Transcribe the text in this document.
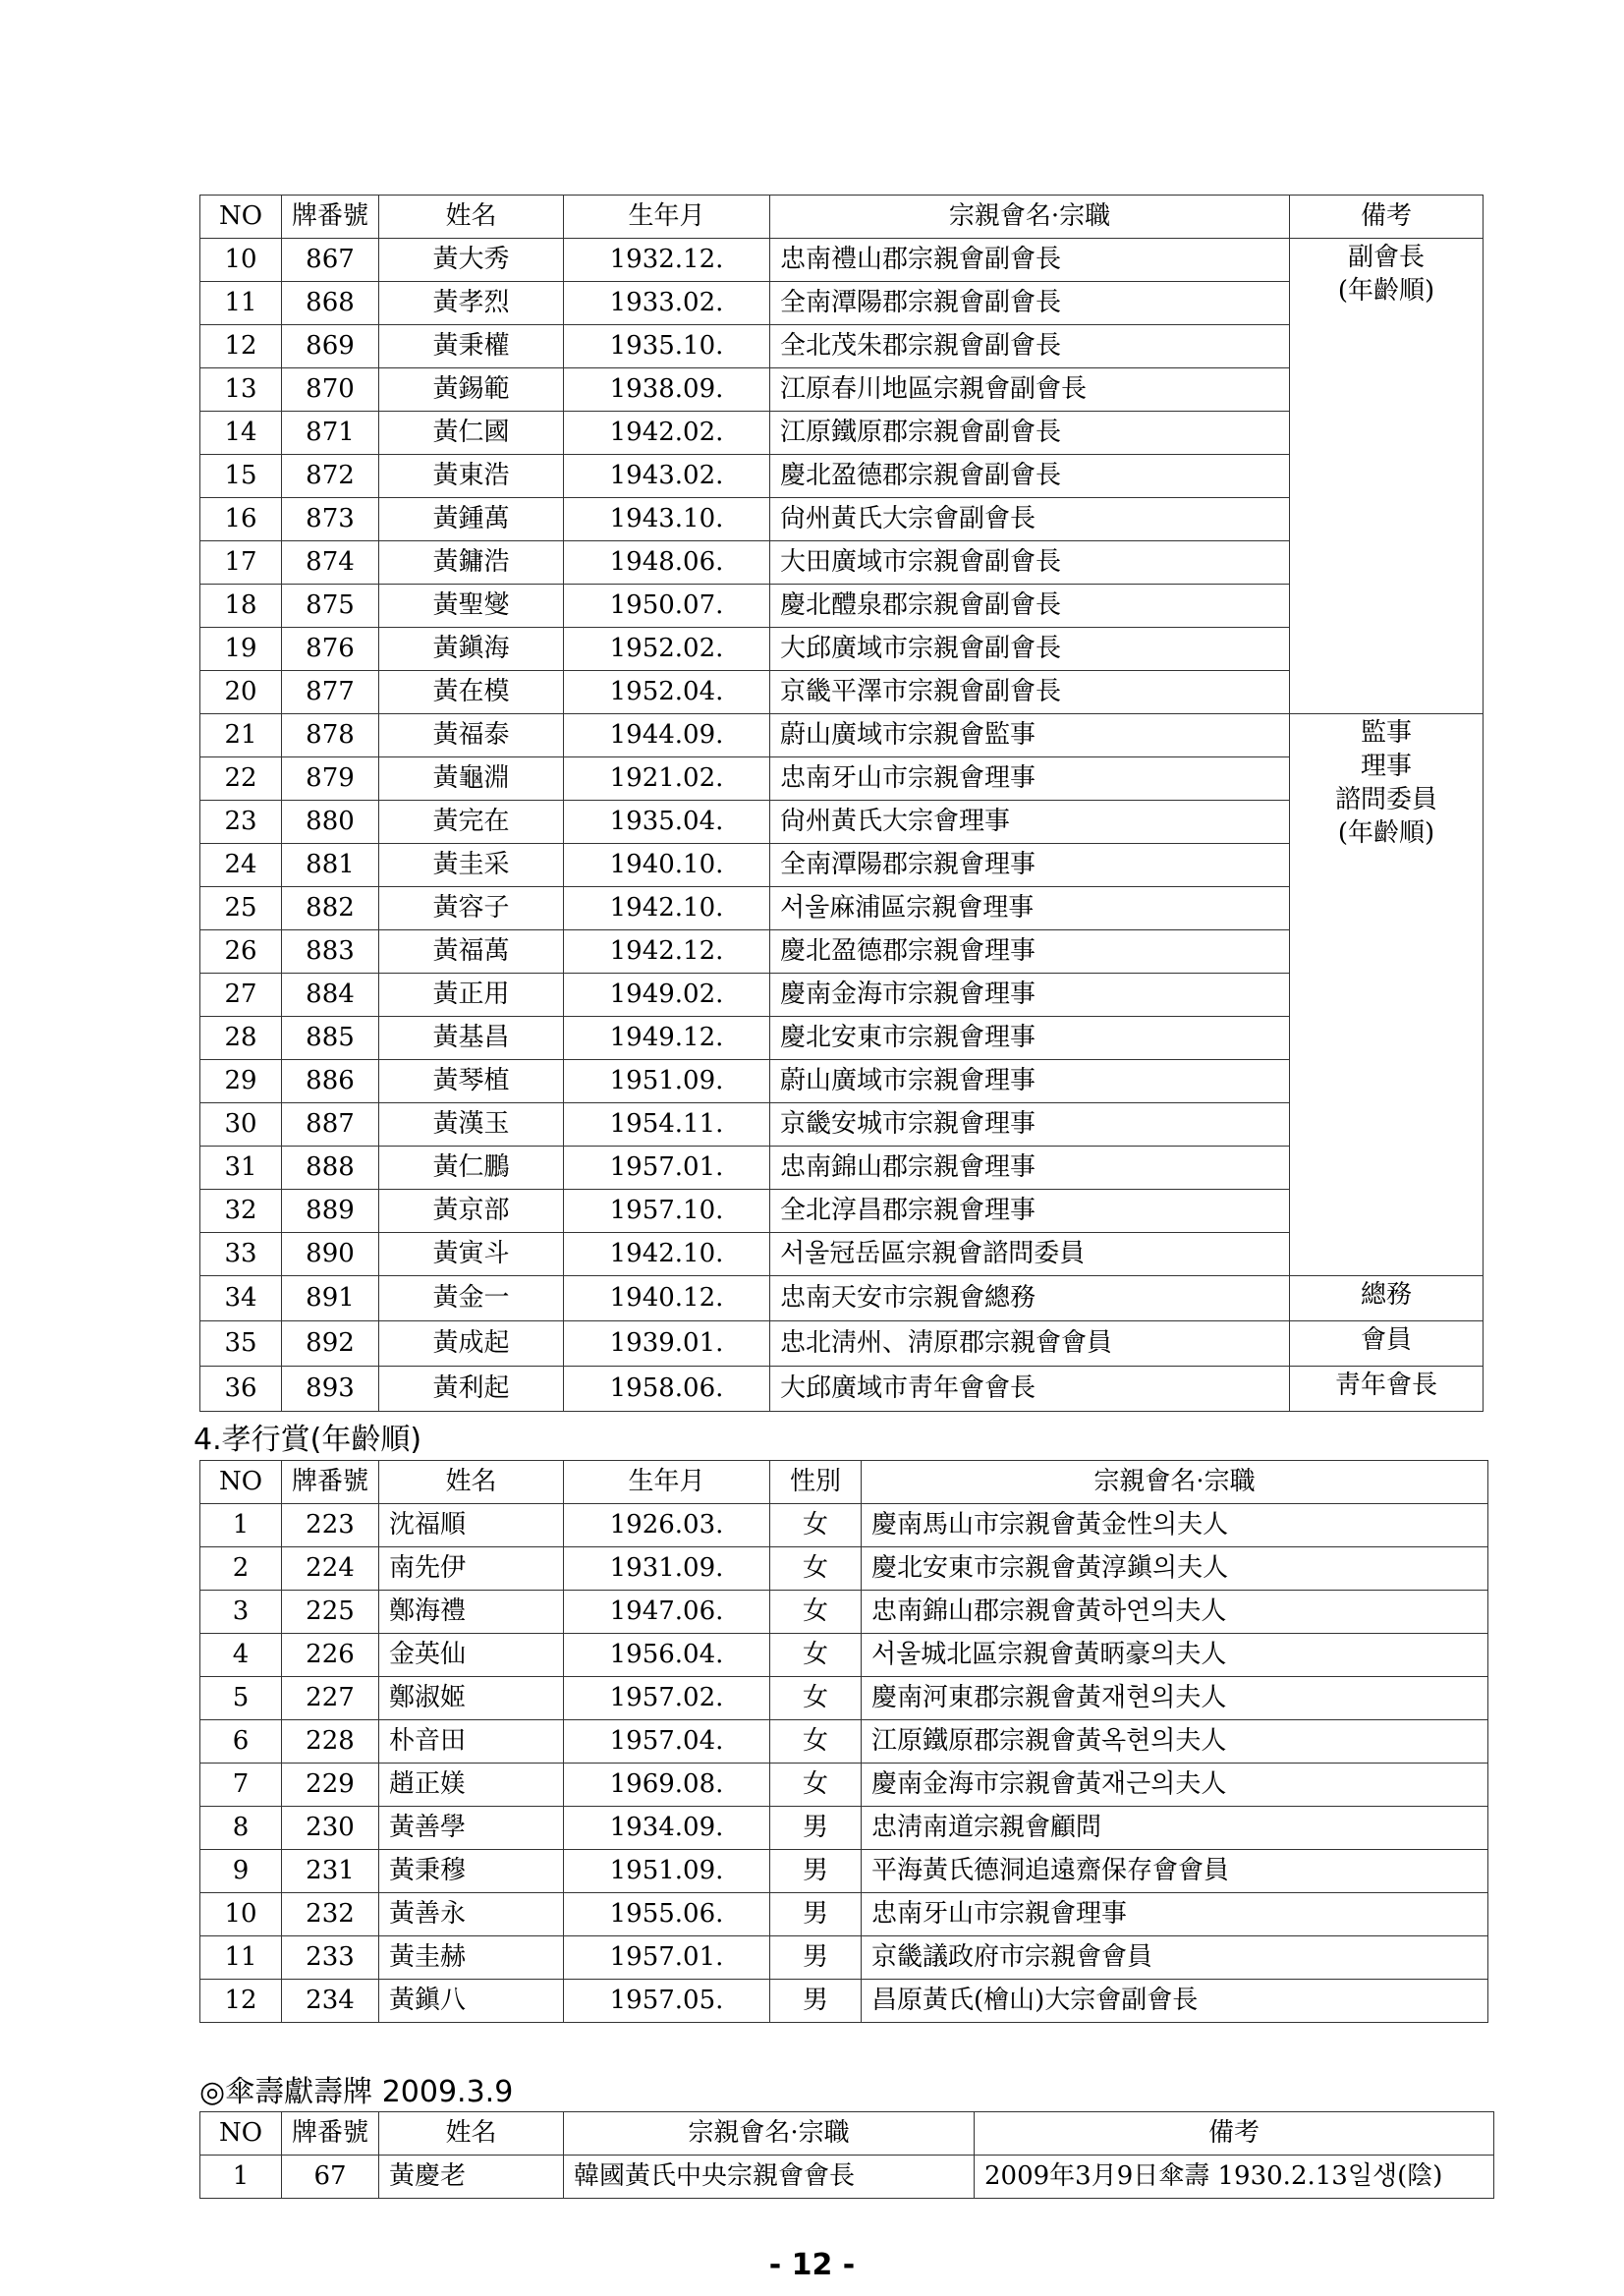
NO	牌番號	姓名	生年月	宗親會名·宗職	備考
10	867	黃大秀	1932.12.	忠南禮山郡宗親會副會長	副會長
(年齡順)

11	868	黃孝烈	1933.02.	全南潭陽郡宗親會副會長	
12	869	黃秉權	1935.10.	全北茂朱郡宗親會副會長	
13	870	黃錫範	1938.09.	江原春川地區宗親會副會長	
14	871	黃仁國	1942.02.	江原鐵原郡宗親會副會長	
15	872	黃東浩	1943.02.	慶北盈德郡宗親會副會長	
16	873	黃鍾萬	1943.10.	尙州黃氏大宗會副會長	
17	874	黃鏞浩	1948.06.	大田廣域市宗親會副會長	
18	875	黃聖燮	1950.07.	慶北醴泉郡宗親會副會長	
19	876	黃鎭海	1952.02.	大邱廣域市宗親會副會長	
20	877	黃在模	1952.04.	京畿平澤市宗親會副會長	
21	878	黃福泰	1944.09.	蔚山廣域市宗親會監事	監事
理事
諮問委員
(年齡順)

22	879	黃龜淵	1921.02.	忠南牙山市宗親會理事	
23	880	黃完在	1935.04.	尙州黃氏大宗會理事	
24	881	黃圭采	1940.10.	全南潭陽郡宗親會理事	
25	882	黃容子	1942.10.	서울麻浦區宗親會理事	
26	883	黃福萬	1942.12.	慶北盈德郡宗親會理事	
27	884	黃正用	1949.02.	慶南金海市宗親會理事	
28	885	黃基昌	1949.12.	慶北安東市宗親會理事	
29	886	黃琴植	1951.09.	蔚山廣域市宗親會理事	
30	887	黃漢玉	1954.11.	京畿安城市宗親會理事	
31	888	黃仁鵬	1957.01.	忠南錦山郡宗親會理事	
32	889	黃京部	1957.10.	全北淳昌郡宗親會理事	
33	890	黃寅斗	1942.10.	서울冠岳區宗親會諮問委員	
34	891	黃金一	1940.12.	忠南天安市宗親會總務	總務

35	892	黃成起	1939.01.	忠北淸州、淸原郡宗親會會員	會員

36	893	黃利起	1958.06.	大邱廣域市靑年會會長	靑年會長
4.孝行賞(年齡順)
NO	牌番號	姓名	生年月	性別	宗親會名·宗職
1	223	沈福順	1926.03.	女	慶南馬山市宗親會黃金性의夫人
2	224	南先伊	1931.09.	女	慶北安東市宗親會黃淳鎭의夫人
3	225	鄭海禮	1947.06.	女	忠南錦山郡宗親會黃하연의夫人
4	226	金英仙	1956.04.	女	서울城北區宗親會黃昞豪의夫人
5	227	鄭淑姬	1957.02.	女	慶南河東郡宗親會黃재현의夫人
6	228	朴音田	1957.04.	女	江原鐵原郡宗親會黃옥현의夫人
7	229	趙正媄	1969.08.	女	慶南金海市宗親會黃재근의夫人
8	230	黃善學	1934.09.	男	忠淸南道宗親會顧問
9	231	黃秉穆	1951.09.	男	平海黃氏德洞追遠齋保存會會員
10	232	黃善永	1955.06.	男	忠南牙山市宗親會理事
11	233	黃圭赫	1957.01.	男	京畿議政府市宗親會會員
12	234	黃鎭八	1957.05.	男	昌原黃氏(檜山)大宗會副會長
◎傘壽獻壽牌 2009.3.9
NO	牌番號	姓名	宗親會名·宗職	備考
1	67	黃慶老	韓國黃氏中央宗親會會長	2009年3月9日傘壽 1930.2.13일생(陰)
- 12 -
